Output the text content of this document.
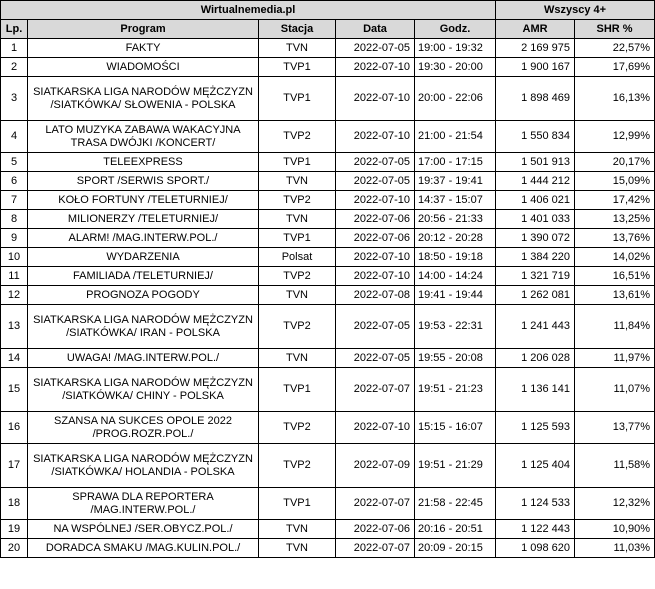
Wirtualnemedia.pl					Wszyscy 4+	
Lp.	Program	Stacja	Data	Godz.	AMR	SHR %
1	FAKTY	TVN	2022-07-05	19:00 - 19:32	2 169 975	22,57%
2	WIADOMOŚCI	TVP1	2022-07-10	19:30 - 20:00	1 900 167	17,69%
3	SIATKARSKA LIGA NARODÓW MĘŻCZYZN /SIATKÓWKA/ SŁOWENIA - POLSKA	TVP1	2022-07-10	20:00 - 22:06	1 898 469	16,13%
4	LATO MUZYKA ZABAWA WAKACYJNA TRASA DWÓJKI /KONCERT/	TVP2	2022-07-10	21:00 - 21:54	1 550 834	12,99%
5	TELEEXPRESS	TVP1	2022-07-05	17:00 - 17:15	1 501 913	20,17%
6	SPORT /SERWIS SPORT./	TVN	2022-07-05	19:37 - 19:41	1 444 212	15,09%
7	KOŁO FORTUNY /TELETURNIEJ/	TVP2	2022-07-10	14:37 - 15:07	1 406 021	17,42%
8	MILIONERZY /TELETURNIEJ/	TVN	2022-07-06	20:56 - 21:33	1 401 033	13,25%
9	ALARM! /MAG.INTERW.POL./	TVP1	2022-07-06	20:12 - 20:28	1 390 072	13,76%
10	WYDARZENIA	Polsat	2022-07-10	18:50 - 19:18	1 384 220	14,02%
11	FAMILIADA /TELETURNIEJ/	TVP2	2022-07-10	14:00 - 14:24	1 321 719	16,51%
12	PROGNOZA POGODY	TVN	2022-07-08	19:41 - 19:44	1 262 081	13,61%
13	SIATKARSKA LIGA NARODÓW MĘŻCZYZN /SIATKÓWKA/ IRAN - POLSKA	TVP2	2022-07-05	19:53 - 22:31	1 241 443	11,84%
14	UWAGA! /MAG.INTERW.POL./	TVN	2022-07-05	19:55 - 20:08	1 206 028	11,97%
15	SIATKARSKA LIGA NARODÓW MĘŻCZYZN /SIATKÓWKA/ CHINY - POLSKA	TVP1	2022-07-07	19:51 - 21:23	1 136 141	11,07%
16	SZANSA NA SUKCES OPOLE 2022 /PROG.ROZR.POL./	TVP2	2022-07-10	15:15 - 16:07	1 125 593	13,77%
17	SIATKARSKA LIGA NARODÓW MĘŻCZYZN /SIATKÓWKA/ HOLANDIA - POLSKA	TVP2	2022-07-09	19:51 - 21:29	1 125 404	11,58%
18	SPRAWA DLA REPORTERA /MAG.INTERW.POL./	TVP1	2022-07-07	21:58 - 22:45	1 124 533	12,32%
19	NA WSPÓLNEJ /SER.OBYCZ.POL./	TVN	2022-07-06	20:16 - 20:51	1 122 443	10,90%
20	DORADCA SMAKU /MAG.KULIN.POL./	TVN	2022-07-07	20:09 - 20:15	1 098 620	11,03%
